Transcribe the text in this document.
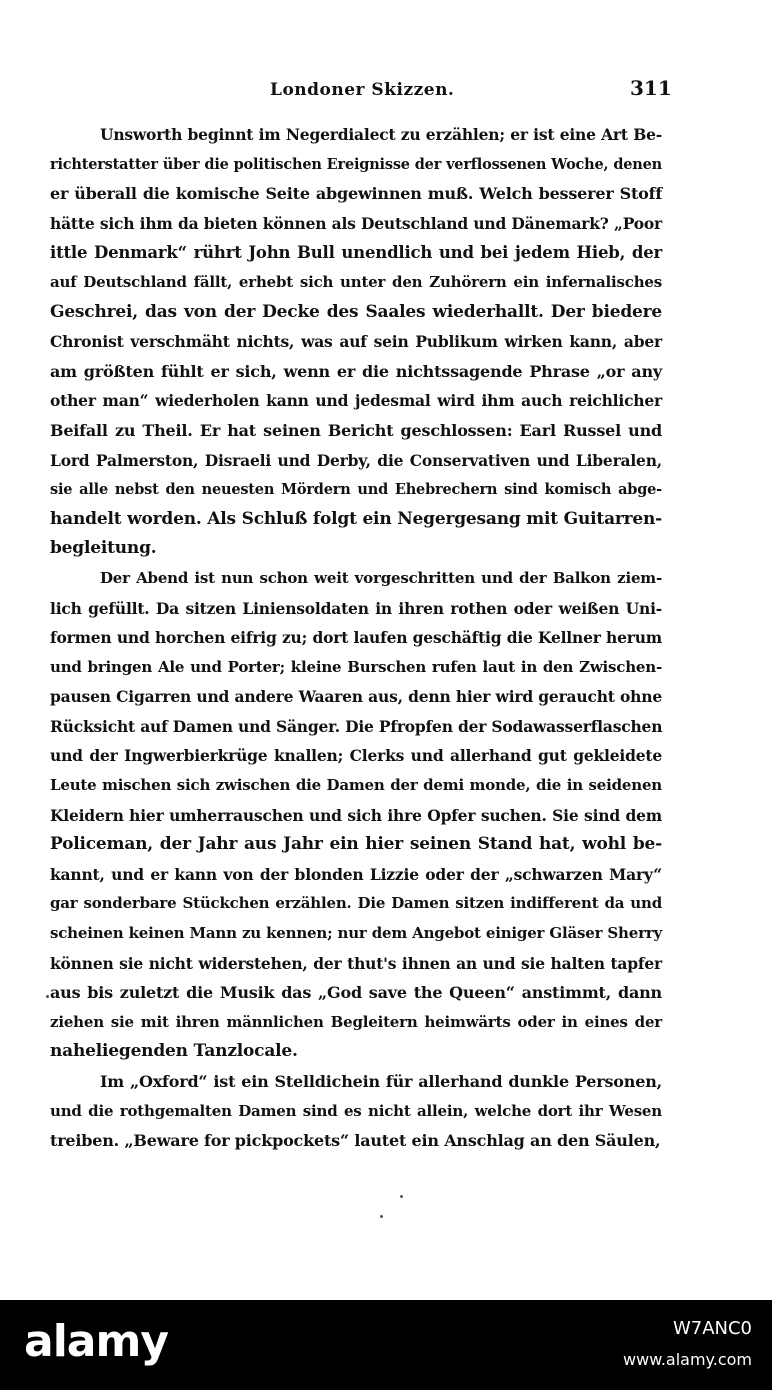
Londoner Skizzen.	311
Unsworth beginnt im Negerdialect zu erzählen; er ist eine Art Be-
richterstatter über die politischen Ereignisse der verflossenen Woche, denen
er überall die komische Seite abgewinnen muß. Welch besserer Stoff
hätte sich ihm da bieten können als Deutschland und Dänemark? „Poor
ittle Denmark“ rührt John Bull unendlich und bei jedem Hieb, der
auf Deutschland fällt, erhebt sich unter den Zuhörern ein infernalisches
Geschrei, das von der Decke des Saales wiederhallt. Der biedere
Chronist verschmäht nichts, was auf sein Publikum wirken kann, aber
am größten fühlt er sich, wenn er die nichtssagende Phrase „or any
other man“ wiederholen kann und jedesmal wird ihm auch reichlicher
Beifall zu Theil. Er hat seinen Bericht geschlossen: Earl Russel und
Lord Palmerston, Disraeli und Derby, die Conservativen und Liberalen,
sie alle nebst den neuesten Mördern und Ehebrechern sind komisch abge-
handelt worden. Als Schluß folgt ein Negergesang mit Guitarren-
begleitung.
Der Abend ist nun schon weit vorgeschritten und der Balkon ziem-
lich gefüllt. Da sitzen Liniensoldaten in ihren rothen oder weißen Uni-
formen und horchen eifrig zu; dort laufen geschäftig die Kellner herum
und bringen Ale und Porter; kleine Burschen rufen laut in den Zwischen-
pausen Cigarren und andere Waaren aus, denn hier wird geraucht ohne
Rücksicht auf Damen und Sänger. Die Pfropfen der Sodawasserflaschen
und der Ingwerbierkrüge knallen; Clerks und allerhand gut gekleidete
Leute mischen sich zwischen die Damen der demi monde, die in seidenen
Kleidern hier umherrauschen und sich ihre Opfer suchen. Sie sind dem
Policeman, der Jahr aus Jahr ein hier seinen Stand hat, wohl be-
kannt, und er kann von der blonden Lizzie oder der „schwarzen Mary“
gar sonderbare Stückchen erzählen. Die Damen sitzen indifferent da und
scheinen keinen Mann zu kennen; nur dem Angebot einiger Gläser Sherry
können sie nicht widerstehen, der thut's ihnen an und sie halten tapfer
aus bis zuletzt die Musik das „God save the Queen“ anstimmt, dann
ziehen sie mit ihren männlichen Begleitern heimwärts oder in eines der
naheliegenden Tanzlocale.
Im „Oxford“ ist ein Stelldichein für allerhand dunkle Personen,
und die rothgemalten Damen sind es nicht allein, welche dort ihr Wesen
treiben. „Beware for pickpockets“ lautet ein Anschlag an den Säulen,
alamy	W7ANC0
www.alamy.com
